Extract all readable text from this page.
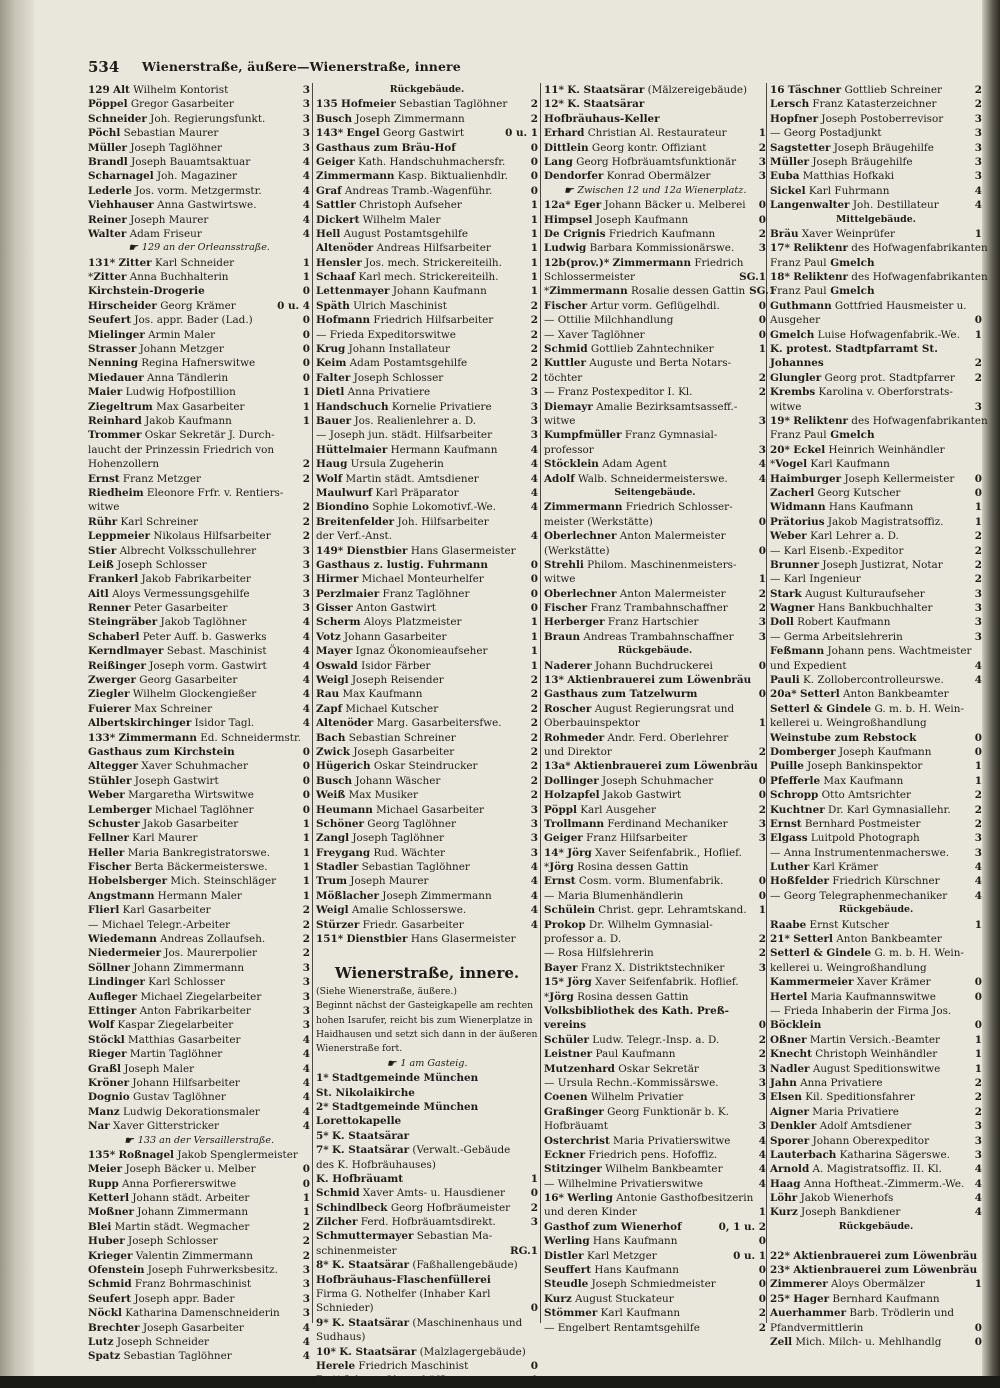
534 Wienerstraße, äußere—Wienerstraße, innere
129 Alt Wilhelm Kontorist	3
Pöppel Gregor Gasarbeiter	3
Schneider Joh. Regierungsfunkt.	3
Pöchl Sebastian Maurer	3
Müller Joseph Taglöhner	3
Brandl Joseph Bauamtsaktuar	4
Scharnagel Joh. Magaziner	4
Lederle Jos. vorm. Metzgermstr.	4
Viehhauser Anna Gastwirtswe.	4
Reiner Joseph Maurer	4
Walter Adam Friseur	4
☛ 129 an der Orleansstraße.
131* Zitter Karl Schneider	1
*Zitter Anna Buchhalterin	1
Kirchstein-Drogerie	0
Hirscheider Georg Krämer	0 u. 4
Seufert Jos. appr. Bader (Lad.)	0
Mielinger Armin Maler	0
Strasser Johann Metzger	0
Nenning Regina Hafnerswitwe	0
Miedauer Anna Tändlerin	0
Maier Ludwig Hofpostillion	1
Ziegeltrum Max Gasarbeiter	1
Reinhard Jakob Kaufmann	1
Trommer Oskar Sekretär J. Durch-
laucht der Prinzessin Friedrich von
Hohenzollern	2
Ernst Franz Metzger	2
Riedheim Eleonore Frfr. v. Rentiers-
witwe	2
Rühr Karl Schreiner	2
Leppmeier Nikolaus Hilfsarbeiter	2
Stier Albrecht Volksschullehrer	3
Leiß Joseph Schlosser	3
Frankerl Jakob Fabrikarbeiter	3
Aitl Aloys Vermessungsgehilfe	3
Renner Peter Gasarbeiter	3
Steingräber Jakob Taglöhner	4
Schaberl Peter Auff. b. Gaswerks	4
Kerndlmayer Sebast. Maschinist	4
Reißinger Joseph vorm. Gastwirt	4
Zwerger Georg Gasarbeiter	4
Ziegler Wilhelm Glockengießer	4
Fuierer Max Schreiner	4
Albertskirchinger Isidor Tagl.	4
133* Zimmermann Ed. Schneidermstr.
Gasthaus zum Kirchstein	0
Altegger Xaver Schuhmacher	0
Stühler Joseph Gastwirt	0
Weber Margaretha Wirtswitwe	0
Lemberger Michael Taglöhner	0
Schuster Jakob Gasarbeiter	1
Fellner Karl Maurer	1
Heller Maria Bankregistratorswe.	1
Fischer Berta Bäckermeisterswe.	1
Hobelsberger Mich. Steinschläger	1
Angstmann Hermann Maler	1
Flierl Karl Gasarbeiter	2
— Michael Telegr.-Arbeiter	2
Wiedemann Andreas Zollaufseh.	2
Niedermeier Jos. Maurerpolier	2
Söllner Johann Zimmermann	3
Lindinger Karl Schlosser	3
Aufleger Michael Ziegelarbeiter	3
Ettinger Anton Fabrikarbeiter	3
Wolf Kaspar Ziegelarbeiter	3
Stöckl Matthias Gasarbeiter	4
Rieger Martin Taglöhner	4
Graßl Joseph Maler	4
Kröner Johann Hilfsarbeiter	4
Dognio Gustav Taglöhner	4
Manz Ludwig Dekorationsmaler	4
Nar Xaver Gitterstricker	4
☛ 133 an der Versaillerstraße.
135* Roßnagel Jakob Spenglermeister
Meier Joseph Bäcker u. Melber	0
Rupp Anna Porfiererswitwe	0
Ketterl Johann städt. Arbeiter	1
Moßner Johann Zimmermann	1
Blei Martin städt. Wegmacher	2
Huber Joseph Schlosser	2
Krieger Valentin Zimmermann	2
Ofenstein Joseph Fuhrwerksbesitz.	3
Schmid Franz Bohrmaschinist	3
Seufert Joseph appr. Bader	3
Nöckl Katharina Damenschneiderin	3
Brechter Joseph Gasarbeiter	4
Lutz Joseph Schneider	4
Spatz Sebastian Taglöhner	4
Rückgebäude.
135 Hofmeier Sebastian Taglöhner	2
Busch Joseph Zimmermann	2
143* Engel Georg Gastwirt	0 u. 1
Gasthaus zum Bräu-Hof	0
Geiger Kath. Handschuhmachersfr.	0
Zimmermann Kasp. Biktualienhdlr.	0
Graf Andreas Tramb.-Wagenführ.	0
Sattler Christoph Aufseher	1
Dickert Wilhelm Maler	1
Hell August Postamtsgehilfe	1
Altenöder Andreas Hilfsarbeiter	1
Hensler Jos. mech. Strickereiteilh.	1
Schaaf Karl mech. Strickereiteilh.	1
Lettenmayer Johann Kaufmann	1
Späth Ulrich Maschinist	2
Hofmann Friedrich Hilfsarbeiter	2
— Frieda Expeditorswitwe	2
Krug Johann Installateur	2
Keim Adam Postamtsgehilfe	2
Falter Joseph Schlosser	2
Dietl Anna Privatiere	3
Handschuch Kornelie Privatiere	3
Bauer Jos. Realienlehrer a. D.	3
— Joseph jun. städt. Hilfsarbeiter	3
Hüttelmaier Hermann Kaufmann	4
Haug Ursula Zugeherin	4
Wolf Martin städt. Amtsdiener	4
Maulwurf Karl Präparator	4
Biondino Sophie Lokomotivf.-We.	4
Breitenfelder Joh. Hilfsarbeiter
der Verf.-Anst.	4
149* Dienstbier Hans Glasermeister
Gasthaus z. lustig. Fuhrmann	0
Hirmer Michael Monteurhelfer	0
Perzlmaier Franz Taglöhner	0
Gisser Anton Gastwirt	0
Scherm Aloys Platzmeister	1
Votz Johann Gasarbeiter	1
Mayer Ignaz Ökonomieaufseher	1
Oswald Isidor Färber	1
Weigl Joseph Reisender	2
Rau Max Kaufmann	2
Zapf Michael Kutscher	2
Altenöder Marg. Gasarbeitersfwe.	2
Bach Sebastian Schreiner	2
Zwick Joseph Gasarbeiter	2
Hügerich Oskar Steindrucker	2
Busch Johann Wäscher	2
Weiß Max Musiker	2
Heumann Michael Gasarbeiter	3
Schöner Georg Taglöhner	3
Zangl Joseph Taglöhner	3
Freygang Rud. Wächter	3
Stadler Sebastian Taglöhner	4
Trum Joseph Maurer	4
Mößlacher Joseph Zimmermann	4
Weigl Amalie Schlosserswe.	4
Stürzer Friedr. Gasarbeiter	4
151* Dienstbier Hans Glasermeister
Wienerstraße, innere.
(Siehe Wienerstraße, äußere.)
Beginnt nächst der Gasteigkapelle am rechten
hohen Isarufer, reicht bis zum Wienerplatze in
Haidhausen und setzt sich dann in der äußeren
Wienerstraße fort.
☛ 1 am Gasteig.
1* Stadtgemeinde München
St. Nikolaikirche
2* Stadtgemeinde München
Lorettokapelle
5* K. Staatsärar
7* K. Staatsärar (Verwalt.-Gebäude
des K. Hofbräuhauses)
K. Hofbräuamt	1
Schmid Xaver Amts- u. Hausdiener	0
Schindlbeck Georg Hofbräumeister	2
Zilcher Ferd. Hofbräuamtsdirekt.	3
Schmuttermayer Sebastian Ma-
schinenmeister	RG.1
8* K. Staatsärar (Faßhallengebäude)
Hofbräuhaus-Flaschenfüllerei
Firma G. Nothelfer (Inhaber Karl
Schnieder)	0
9* K. Staatsärar (Maschinenhaus und
Sudhaus)
10* K. Staatsärar (Malzlagergebäude)
Herele Friedrich Maschinist	0
Dott Johann Oberschäffler	1
11* K. Staatsärar (Mälzereigebäude)
12* K. Staatsärar
Hofbräuhaus-Keller
Erhard Christian Al. Restaurateur	1
Dittlein Georg kontr. Offiziant	2
Lang Georg Hofbräuamtsfunktionär	3
Dendorfer Konrad Obermälzer	3
☛ Zwischen 12 und 12a Wienerplatz.
12a* Eger Johann Bäcker u. Melberei	0
Himpsel Joseph Kaufmann	0
De Crignis Friedrich Kaufmann	2
Ludwig Barbara Kommissionärswe.	3
12b(prov.)* Zimmermann Friedrich
Schlossermeister	SG.1
*Zimmermann Rosalie dessen Gattin SG.1
Fischer Artur vorm. Geflügelhdl.	0
— Ottilie Milchhandlung	0
— Xaver Taglöhner	0
Schmid Gottlieb Zahntechniker	1
Kuttler Auguste und Berta Notars-
töchter	2
— Franz Postexpeditor I. Kl.	2
Diemayr Amalie Bezirksamtsasseff.-
witwe	3
Kumpfmüller Franz Gymnasial-
professor	3
Stöcklein Adam Agent	4
Adolf Walb. Schneidermeisterswe.	4
Seitengebäude.
Zimmermann Friedrich Schlosser-
meister (Werkstätte)	0
Oberlechner Anton Malermeister
(Werkstätte)	0
Strehli Philom. Maschinenmeisters-
witwe	1
Oberlechner Anton Malermeister	2
Fischer Franz Trambahnschaffner	2
Herberger Franz Hartschier	3
Braun Andreas Trambahnschaffner	3
Rückgebäude.
Naderer Johann Buchdruckerei	0
13* Aktienbrauerei zum Löwenbräu
Gasthaus zum Tatzelwurm	0
Roscher August Regierungsrat und
Oberbauinspektor	1
Rohmeder Andr. Ferd. Oberlehrer
und Direktor	2
13a* Aktienbrauerei zum Löwenbräu
Dollinger Joseph Schuhmacher	0
Holzapfel Jakob Gastwirt	0
Pöppl Karl Ausgeher	2
Trollmann Ferdinand Mechaniker	3
Geiger Franz Hilfsarbeiter	3
14* Jörg Xaver Seifenfabrik., Hoflief.
*Jörg Rosina dessen Gattin
Ernst Cosm. vorm. Blumenfabrik.	0
— Maria Blumenhändlerin	0
Schülein Christ. gepr. Lehramtskand.	1
Prokop Dr. Wilhelm Gymnasial-
professor a. D.	2
— Rosa Hilfslehrerin	2
Bayer Franz X. Distriktstechniker	3
15* Jörg Xaver Seifenfabrik. Hoflief.
*Jörg Rosina dessen Gattin
Volksbibliothek des Kath. Preß-
vereins	0
Schüler Ludw. Telegr.-Insp. a. D.	2
Leistner Paul Kaufmann	2
Mutzenhard Oskar Sekretär	3
— Ursula Rechn.-Kommissärswe.	3
Coenen Wilhelm Privatier	3
Graßinger Georg Funktionär b. K.
Hofbräuamt	3
Osterchrist Maria Privatierswitwe	4
Eckner Friedrich pens. Hofoffiz.	4
Stitzinger Wilhelm Bankbeamter	4
— Wilhelmine Privatierswitwe	4
16* Werling Antonie Gasthofbesitzerin
und deren Kinder	1
Gasthof zum Wienerhof	0, 1 u. 2
Werling Hans Kaufmann	0
Distler Karl Metzger	0 u. 1
Seuffert Hans Kaufmann	0
Steudle Joseph Schmiedmeister	0
Kurz August Stuckateur	0
Stömmer Karl Kaufmann	2
— Engelbert Rentamtsgehilfe	2
16 Täschner Gottlieb Schreiner	2
Lersch Franz Katasterzeichner	2
Hopfner Joseph Postoberrevisor	3
— Georg Postadjunkt	3
Sagstetter Joseph Bräugehilfe	3
Müller Joseph Bräugehilfe	3
Euba Matthias Hofkaki	3
Sickel Karl Fuhrmann	4
Langenwalter Joh. Destillateur	4
Mittelgebäude.
Bräu Xaver Weinprüfer	1
17* Reliktenr des Hofwagenfabrikanten
Franz Paul Gmelch
18* Reliktenr des Hofwagenfabrikanten
Franz Paul Gmelch
Guthmann Gottfried Hausmeister u.
Ausgeher	0
Gmelch Luise Hofwagenfabrik.-We.	1
K. protest. Stadtpfarramt St.
Johannes	2
Glungler Georg prot. Stadtpfarrer	2
Krembs Karolina v. Oberforstrats-
witwe	3
19* Reliktenr des Hofwagenfabrikanten
Franz Paul Gmelch
20* Eckel Heinrich Weinhändler
*Vogel Karl Kaufmann
Haimburger Joseph Kellermeister	0
Zacherl Georg Kutscher	0
Widmann Hans Kaufmann	1
Prätorius Jakob Magistratsoffiz.	1
Weber Karl Lehrer a. D.	2
— Karl Eisenb.-Expeditor	2
Brunner Joseph Justizrat, Notar	2
— Karl Ingenieur	2
Stark August Kulturaufseher	3
Wagner Hans Bankbuchhalter	3
Doll Robert Kaufmann	3
— Germa Arbeitslehrerin	3
Feßmann Johann pens. Wachtmeister
und Expedient	4
Pauli K. Zollobercontrolleurswe.	4
20a* Setterl Anton Bankbeamter
Setterl & Gindele G. m. b. H. Wein-
kellerei u. Weingroßhandlung
Weinstube zum Rebstock	0
Domberger Joseph Kaufmann	0
Puille Joseph Bankinspektor	1
Pfefferle Max Kaufmann	1
Schropp Otto Amtsrichter	2
Kuchtner Dr. Karl Gymnasiallehr.	2
Ernst Bernhard Postmeister	2
Elgass Luitpold Photograph	3
— Anna Instrumentenmacherswe.	3
Luther Karl Krämer	4
Hoßfelder Friedrich Kürschner	4
— Georg Telegraphenmechaniker	4
Rückgebäude.
Raabe Ernst Kutscher	1
21* Setterl Anton Bankbeamter
Setterl & Gindele G. m. b. H. Wein-
kellerei u. Weingroßhandlung
Kammermeier Xaver Krämer	0
Hertel Maria Kaufmannswitwe	0
— Frieda Inhaberin der Firma Jos.
Böcklein	0
Oßner Martin Versich.-Beamter	1
Knecht Christoph Weinhändler	1
Nadler August Speditionswitwe	1
Jahn Anna Privatiere	2
Elsen Kil. Speditionsfahrer	2
Aigner Maria Privatiere	2
Denkler Adolf Amtsdiener	3
Sporer Johann Oberexpeditor	3
Lauterbach Katharina Sägerswe.	3
Arnold A. Magistratsoffiz. II. Kl.	4
Haag Anna Hoftheat.-Zimmerm.-We. 4
Löhr Jakob Wienerhofs	4
Kurz Joseph Bankdiener	4
Rückgebäude.
22* Aktienbrauerei zum Löwenbräu
23* Aktienbrauerei zum Löwenbräu
Zimmerer Aloys Obermälzer	1
25* Hager Bernhard Kaufmann
Auerhammer Barb. Trödlerin und
Pfandvermittlerin	0
Zell Mich. Milch- u. Mehlhandlg	0
